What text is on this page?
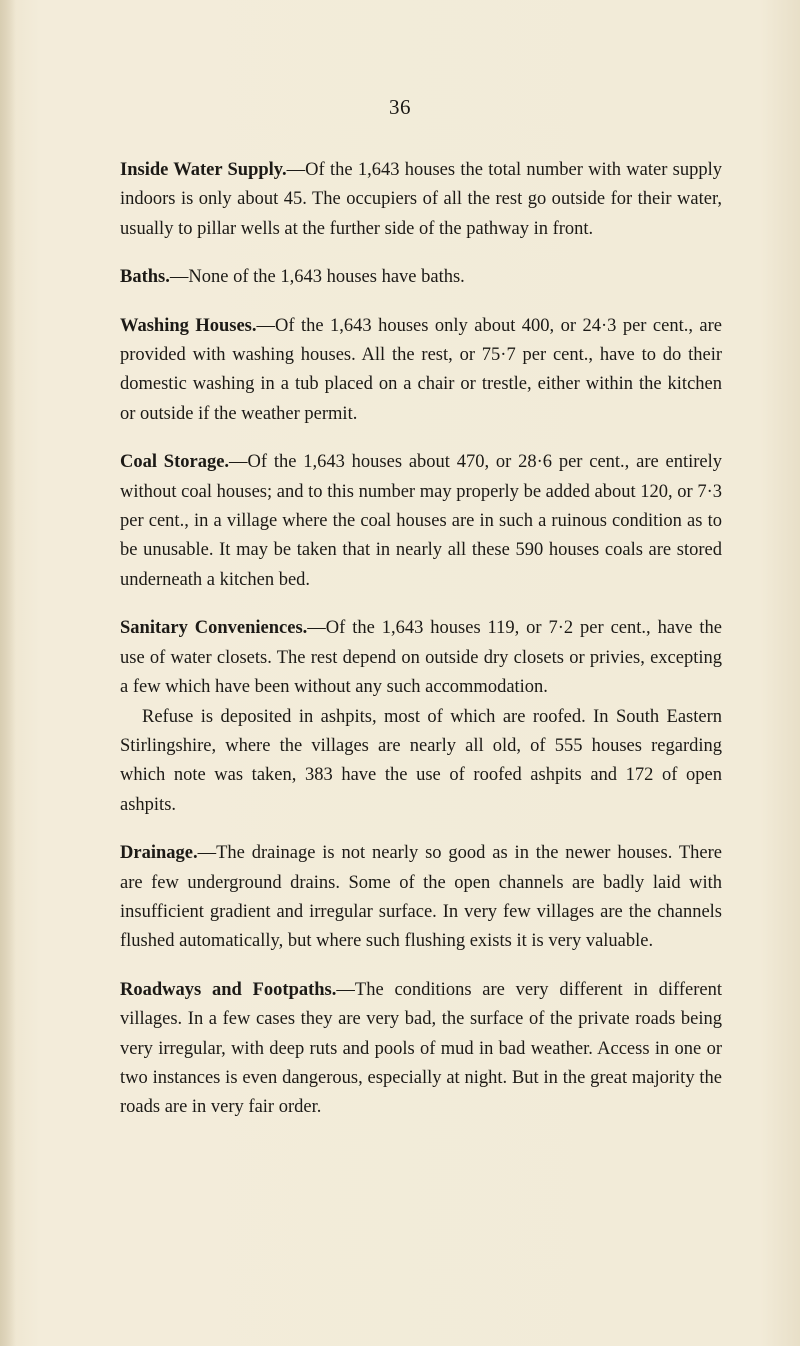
36

Inside Water Supply.—Of the 1,643 houses the total number with water supply indoors is only about 45. The occupiers of all the rest go outside for their water, usually to pillar wells at the further side of the pathway in front.

Baths.—None of the 1,643 houses have baths.

Washing Houses.—Of the 1,643 houses only about 400, or 24·3 per cent., are provided with washing houses. All the rest, or 75·7 per cent., have to do their domestic washing in a tub placed on a chair or trestle, either within the kitchen or outside if the weather permit.

Coal Storage.—Of the 1,643 houses about 470, or 28·6 per cent., are entirely without coal houses; and to this number may properly be added about 120, or 7·3 per cent., in a village where the coal houses are in such a ruinous condition as to be unusable. It may be taken that in nearly all these 590 houses coals are stored underneath a kitchen bed.

Sanitary Conveniences.—Of the 1,643 houses 119, or 7·2 per cent., have the use of water closets. The rest depend on outside dry closets or privies, excepting a few which have been without any such accommodation.

Refuse is deposited in ashpits, most of which are roofed. In South Eastern Stirlingshire, where the villages are nearly all old, of 555 houses regarding which note was taken, 383 have the use of roofed ashpits and 172 of open ashpits.

Drainage.—The drainage is not nearly so good as in the newer houses. There are few underground drains. Some of the open channels are badly laid with insufficient gradient and irregular surface. In very few villages are the channels flushed automatically, but where such flushing exists it is very valuable.

Roadways and Footpaths.—The conditions are very different in different villages. In a few cases they are very bad, the surface of the private roads being very irregular, with deep ruts and pools of mud in bad weather. Access in one or two instances is even dangerous, especially at night. But in the great majority the roads are in very fair order.
